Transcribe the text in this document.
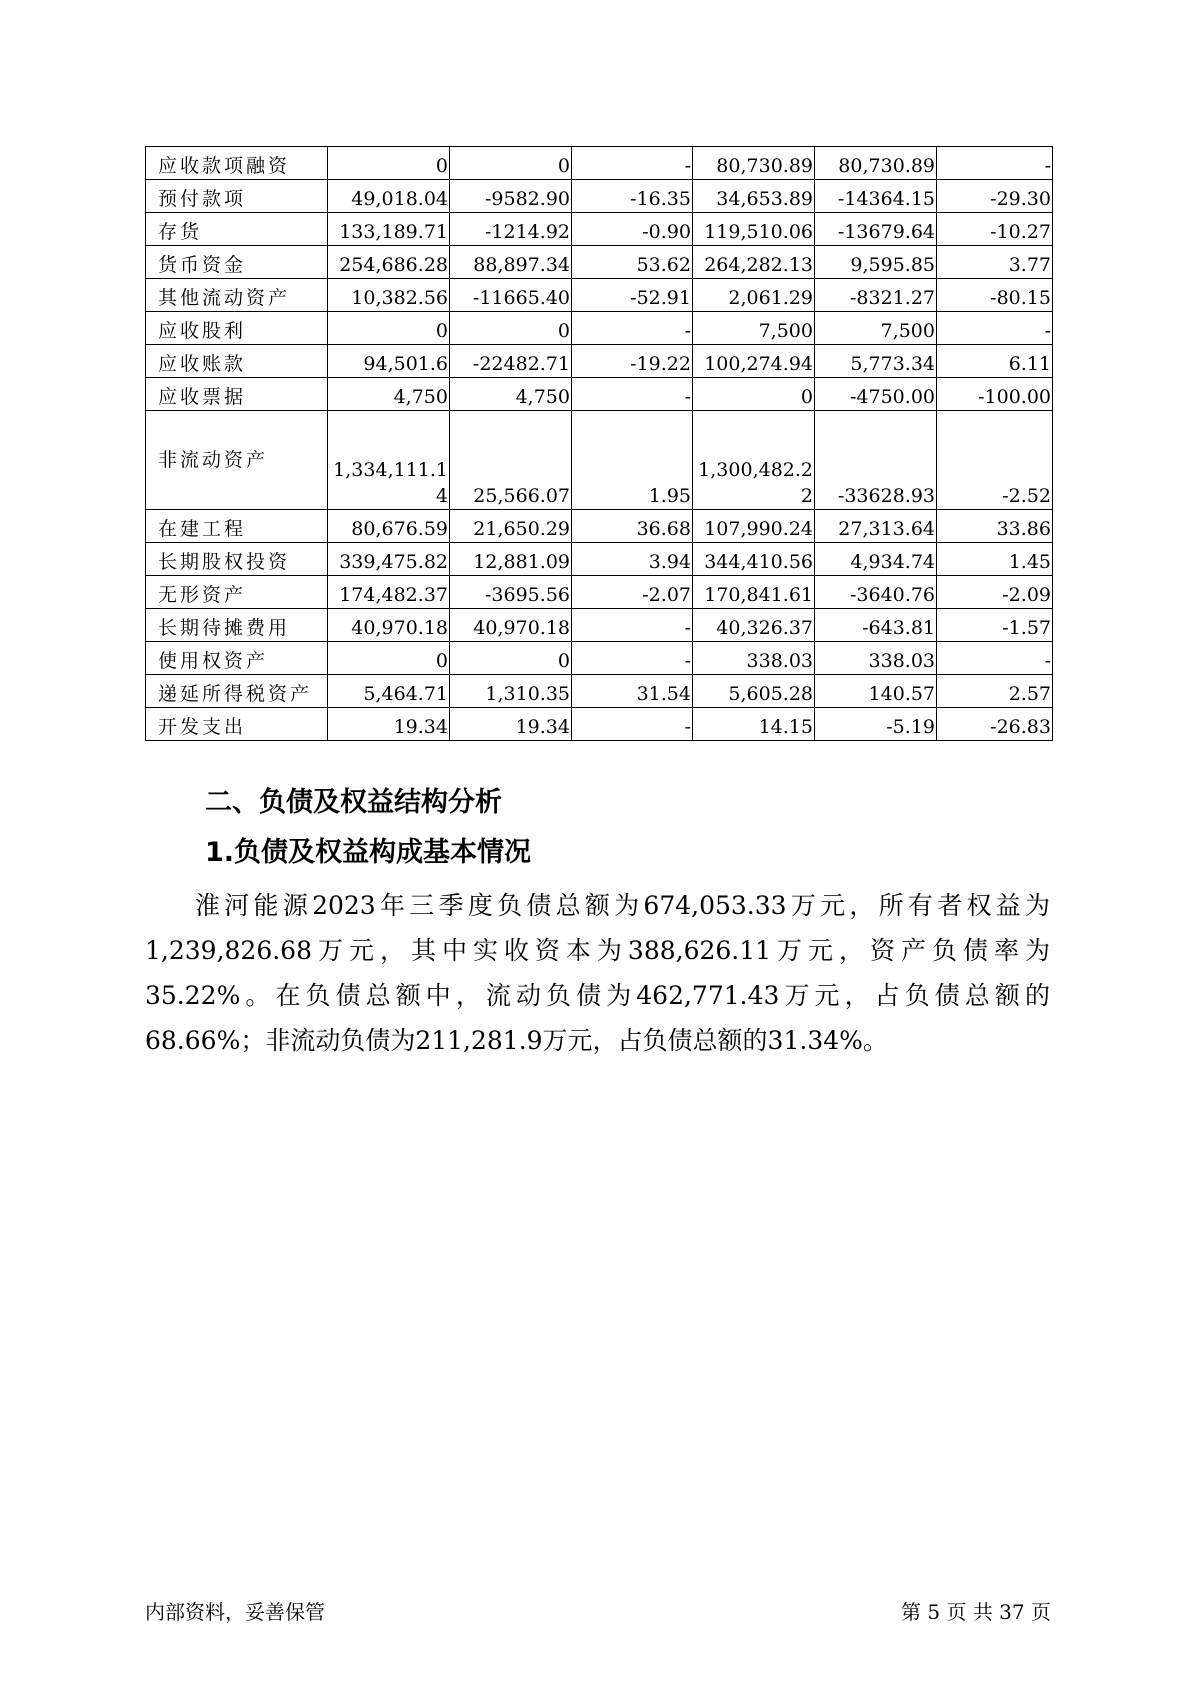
应收款项融资	0	0	-	80,730.89	80,730.89	-
预付款项	49,018.04	-9582.90	-16.35	34,653.89	-14364.15	-29.30
存货	133,189.71	-1214.92	-0.90	119,510.06	-13679.64	-10.27
货币资金	254,686.28	88,897.34	53.62	264,282.13	9,595.85	3.77
其他流动资产	10,382.56	-11665.40	-52.91	2,061.29	-8321.27	-80.15
应收股利	0	0	-	7,500	7,500	-
应收账款	94,501.6	-22482.71	-19.22	100,274.94	5,773.34	6.11
应收票据	4,750	4,750	-	0	-4750.00	-100.00
非流动资产	1,334,111.14	25,566.07	1.95	1,300,482.22	-33628.93	-2.52
在建工程	80,676.59	21,650.29	36.68	107,990.24	27,313.64	33.86
长期股权投资	339,475.82	12,881.09	3.94	344,410.56	4,934.74	1.45
无形资产	174,482.37	-3695.56	-2.07	170,841.61	-3640.76	-2.09
长期待摊费用	40,970.18	40,970.18	-	40,326.37	-643.81	-1.57
使用权资产	0	0	-	338.03	338.03	-
递延所得税资产	5,464.71	1,310.35	31.54	5,605.28	140.57	2.57
开发支出	19.34	19.34	-	14.15	-5.19	-26.83
二、负债及权益结构分析
1.负债及权益构成基本情况
淮河能源2023年三季度负债总额为674,053.33万元，所有者权益为1,239,826.68万元，其中实收资本为388,626.11万元，资产负债率为35.22%。在负债总额中，流动负债为462,771.43万元，占负债总额的68.66%；非流动负债为211,281.9万元，占负债总额的31.34%。
内部资料，妥善保管	第 5 页 共 37 页
